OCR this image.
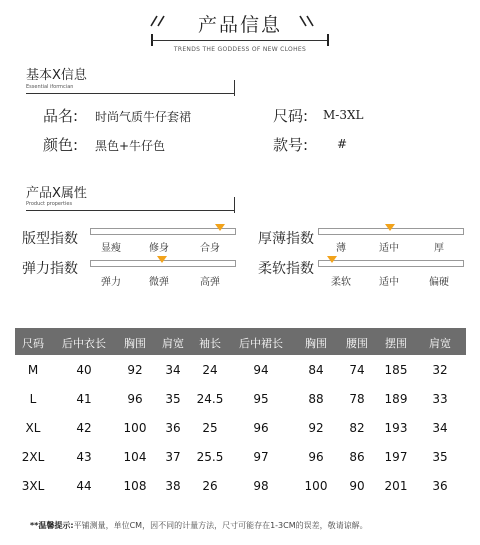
产品信息
TRENDS THE GODDESS OF NEW CLOHES
基本X信息
Essential iformcian
品名: 时尚气质牛仔套裙	尺码: M-3XL
颜色: 黑色+牛仔色	款号: #
产品X属性
Product properties
版型指数
显瘦	修身	合身
厚薄指数
薄	适中	厚
弹力指数
弹力	微弹	高弹
柔软指数
柔软	适中	偏硬
尺码	后中衣长	胸围	肩宽	袖长	后中裙长	胸围	腰围	摆围	肩宽
M	40	92	34	24	94	84	74	185	32
L	41	96	35	24.5	95	88	78	189	33
XL	42	100	36	25	96	92	82	193	34
2XL	43	104	37	25.5	97	96	86	197	35
3XL	44	108	38	26	98	100	90	201	36
**温馨提示:平铺测量，单位CM，因不同的计量方法，尺寸可能存在1-3CM的误差，敬请谅解。
